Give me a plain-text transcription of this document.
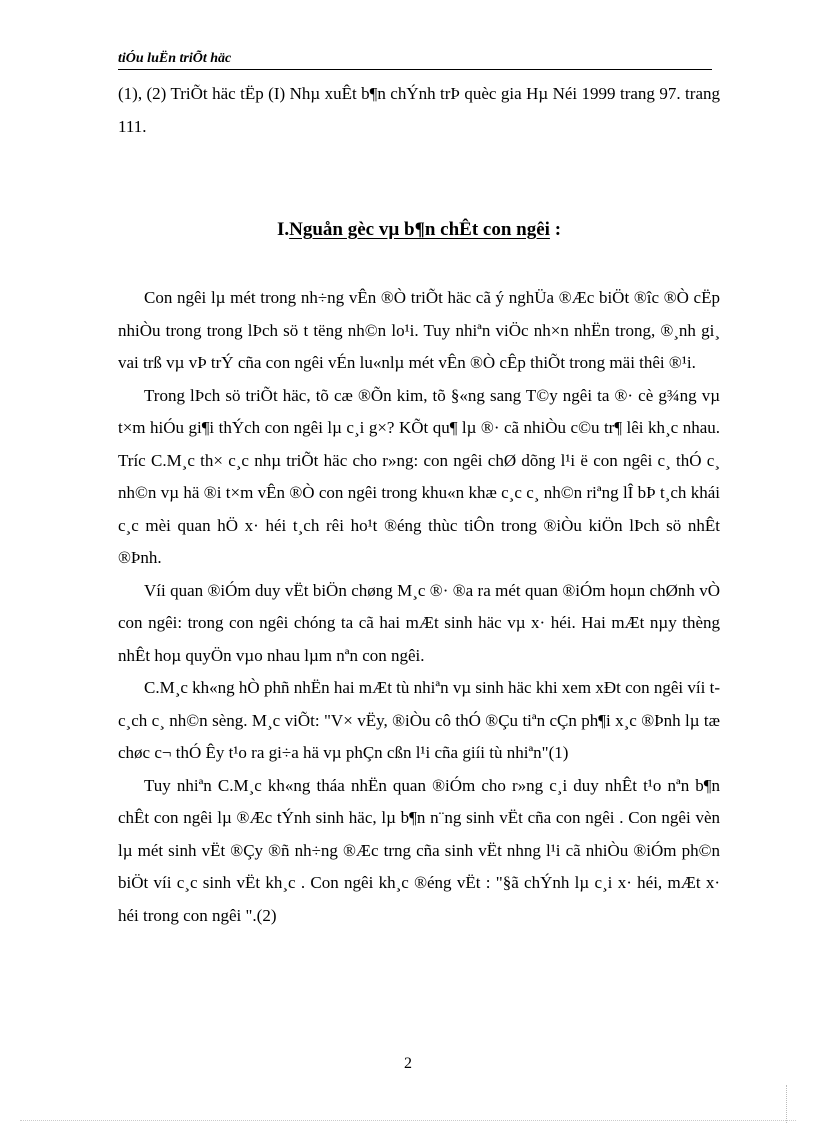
tiÓu luËn triÕt häc
(1), (2) TriÕt häc tËp (I) Nhµ xuÊt b¶n chÝnh trÞ quèc gia Hµ Néi 1999 trang 97. trang 111.
I.Nguån gèc vµ b¶n chÊt con ngêi :

Con ngêi lµ mét trong nh÷ng vÊn ®Ò triÕt häc cã ý nghÜa ®Æc biÖt ®îc ®Ò cËp nhiÒu trong trong lÞch sö t tëng nh©n lo¹i. Tuy nhiªn viÖc nh×n nhËn trong, ®¸nh gi¸ vai trß vµ vÞ trÝ cña con ngêi vÉn lu«nlµ mét vÊn ®Ò cÊp thiÕt trong mäi thêi ®¹i.

Trong lÞch sö triÕt häc, tõ cæ ®Õn kim, tõ §«ng sang T©y ngêi ta ®· cè g¾ng vµ t×m hiÓu gi¶i thÝch con ngêi lµ c¸i g×? KÕt qu¶ lµ ®· cã nhiÒu c©u tr¶ lêi kh¸c nhau. Tríc C.M¸c th× c¸c nhµ triÕt häc cho r»ng: con ngêi chØ dõng l¹i ë con ngêi c¸ thÓ c¸ nh©n vµ hä ®i t×m vÊn ®Ò con ngêi trong khu«n khæ c¸c c¸ nh©n riªng lÎ bÞ t¸ch khái c¸c mèi quan hÖ x· héi t¸ch rêi ho¹t ®éng thùc tiÔn trong ®iÒu kiÖn lÞch sö nhÊt ®Þnh.

Víi quan ®iÓm duy vËt biÖn chøng M¸c ®· ®a ra mét quan ®iÓm hoµn chØnh vÒ con ngêi: trong con ngêi chóng ta cã hai mÆt sinh häc vµ x· héi. Hai mÆt nµy thèng nhÊt hoµ quyÖn vµo nhau lµm nªn con ngêi.

C.M¸c kh«ng hÒ phñ nhËn hai mÆt tù nhiªn vµ sinh häc khi xem xÐt con ngêi víi t c¸ch c¸ nh©n sèng. M¸c viÕt: "V× vËy, ®iÒu cô thÓ ®Çu tiªn cÇn ph¶i x¸c ®Þnh lµ tæ chøc c¬ thÓ Êy t¹o ra gi÷a hä vµ phÇn cßn l¹i cña giíi tù nhiªn"(1)

Tuy nhiªn C.M¸c kh«ng tháa nhËn quan ®iÓm cho r»ng c¸i duy nhÊt t¹o nªn b¶n chÊt con ngêi lµ ®Æc tÝnh sinh häc, lµ b¶n n¨ng sinh vËt cña con ngêi . Con ngêi vèn lµ mét sinh vËt ®Çy ®ñ nh÷ng ®Æc trng cña sinh vËt nhng l¹i cã nhiÒu ®iÓm ph©n biÖt víi c¸c sinh vËt kh¸c . Con ngêi kh¸c ®éng vËt : "§ã chÝnh lµ c¸i x· héi, mÆt x· héi trong con ngêi ".(2)

2
